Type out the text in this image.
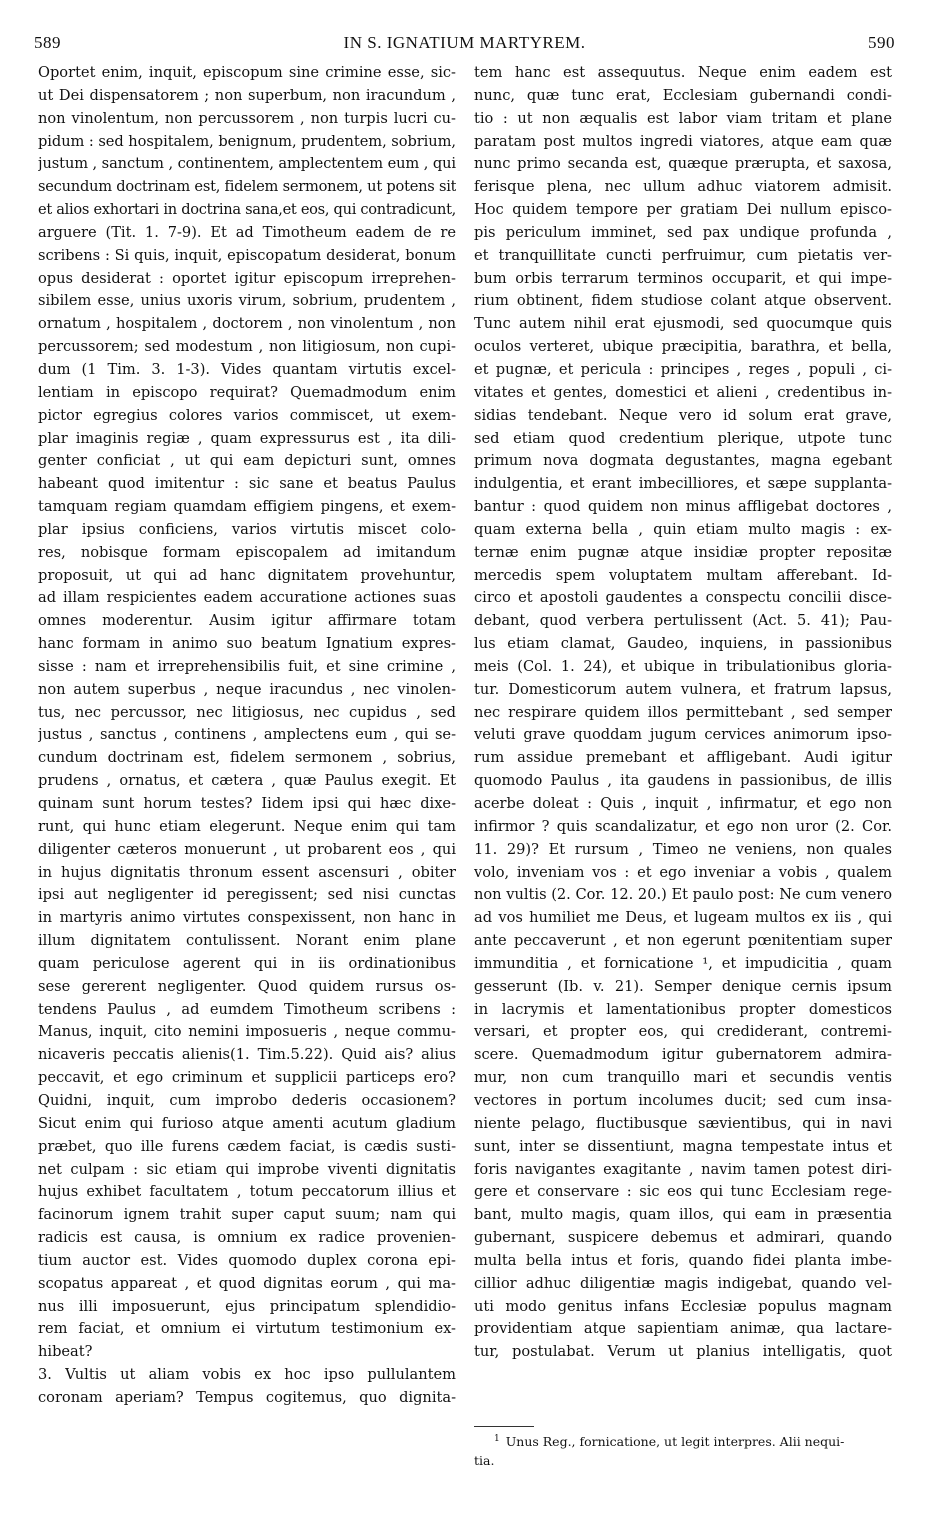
589	IN S. IGNATIUM MARTYREM.	590
Oportet enim, inquit, episcopum sine crimine esse, sic-
ut Dei dispensatorem ; non superbum, non iracundum ,
non vinolentum, non percussorem , non turpis lucri cu-
pidum : sed hospitalem, benignum, prudentem, sobrium,
justum , sanctum , continentem, amplectentem eum , qui
secundum doctrinam est, fidelem sermonem, ut potens sit
et alios exhortari in doctrina sana,et eos, qui contradicunt,
arguere (Tit. 1. 7-9). Et ad Timotheum eadem de re
scribens : Si quis, inquit, episcopatum desiderat, bonum
opus desiderat : oportet igitur episcopum irreprehen-
sibilem esse, unius uxoris virum, sobrium, prudentem ,
ornatum , hospitalem , doctorem , non vinolentum , non
percussorem; sed modestum , non litigiosum, non cupi-
dum (1 Tim. 3. 1-3). Vides quantam virtutis excel-
lentiam in episcopo requirat? Quemadmodum enim
pictor egregius colores varios commiscet, ut exem-
plar imaginis regiæ , quam expressurus est , ita dili-
genter conficiat , ut qui eam depicturi sunt, omnes
habeant quod imitentur : sic sane et beatus Paulus
tamquam regiam quamdam effigiem pingens, et exem-
plar ipsius conficiens, varios virtutis miscet colo-
res, nobisque formam episcopalem ad imitandum
proposuit, ut qui ad hanc dignitatem provehuntur,
ad illam respicientes eadem accuratione actiones suas
omnes moderentur. Ausim igitur affirmare totam
hanc formam in animo suo beatum Ignatium expres-
sisse : nam et irreprehensibilis fuit, et sine crimine ,
non autem superbus , neque iracundus , nec vinolen-
tus, nec percussor, nec litigiosus, nec cupidus , sed
justus , sanctus , continens , amplectens eum , qui se-
cundum doctrinam est, fidelem sermonem , sobrius,
prudens , ornatus, et cætera , quæ Paulus exegit. Et
quinam sunt horum testes? Iidem ipsi qui hæc dixe-
runt, qui hunc etiam elegerunt. Neque enim qui tam
diligenter cæteros monuerunt , ut probarent eos , qui
in hujus dignitatis thronum essent ascensuri , obiter
ipsi aut negligenter id peregissent; sed nisi cunctas
in martyris animo virtutes conspexissent, non hanc in
illum dignitatem contulissent. Norant enim plane
quam periculose agerent qui in iis ordinationibus
sese gererent negligenter. Quod quidem rursus os-
tendens Paulus , ad eumdem Timotheum scribens :
Manus, inquit, cito nemini imposueris , neque commu-
nicaveris peccatis alienis(1. Tim.5.22). Quid ais? alius
peccavit, et ego criminum et supplicii particeps ero?
Quidni, inquit, cum improbo dederis occasionem?
Sicut enim qui furioso atque amenti acutum gladium
præbet, quo ille furens cædem faciat, is cædis susti-
net culpam : sic etiam qui improbe viventi dignitatis
hujus exhibet facultatem , totum peccatorum illius et
facinorum ignem trahit super caput suum; nam qui
radicis est causa, is omnium ex radice provenien-
tium auctor est. Vides quomodo duplex corona epi-
scopatus appareat , et quod dignitas eorum , qui ma-
nus illi imposuerunt, ejus principatum splendidio-
rem faciat, et omnium ei virtutum testimonium ex-
hibeat?
3. Vultis ut aliam vobis ex hoc ipso pullulantem
coronam aperiam? Tempus cogitemus, quo dignita-
tem hanc est assequutus. Neque enim eadem est
nunc, quæ tunc erat, Ecclesiam gubernandi condi-
tio : ut non æqualis est labor viam tritam et plane
paratam post multos ingredi viatores, atque eam quæ
nunc primo secanda est, quæque prærupta, et saxosa,
ferisque plena, nec ullum adhuc viatorem admisit.
Hoc quidem tempore per gratiam Dei nullum episco-
pis periculum imminet, sed pax undique profunda ,
et tranquillitate cuncti perfruimur, cum pietatis ver-
bum orbis terrarum terminos occuparit, et qui impe-
rium obtinent, fidem studiose colant atque observent.
Tunc autem nihil erat ejusmodi, sed quocumque quis
oculos verteret, ubique præcipitia, barathra, et bella,
et pugnæ, et pericula : principes , reges , populi , ci-
vitates et gentes, domestici et alieni , credentibus in-
sidias tendebant. Neque vero id solum erat grave,
sed etiam quod credentium plerique, utpote tunc
primum nova dogmata degustantes, magna egebant
indulgentia, et erant imbecilliores, et sæpe supplanta-
bantur : quod quidem non minus affligebat doctores ,
quam externa bella , quin etiam multo magis : ex-
ternæ enim pugnæ atque insidiæ propter repositæ
mercedis spem voluptatem multam afferebant. Id-
circo et apostoli gaudentes a conspectu concilii disce-
debant, quod verbera pertulissent (Act. 5. 41); Pau-
lus etiam clamat, Gaudeo, inquiens, in passionibus
meis (Col. 1. 24), et ubique in tribulationibus gloria-
tur. Domesticorum autem vulnera, et fratrum lapsus,
nec respirare quidem illos permittebant , sed semper
veluti grave quoddam jugum cervices animorum ipso-
rum assidue premebant et affligebant. Audi igitur
quomodo Paulus , ita gaudens in passionibus, de illis
acerbe doleat : Quis , inquit , infirmatur, et ego non
infirmor ? quis scandalizatur, et ego non uror (2. Cor.
11. 29)? Et rursum , Timeo ne veniens, non quales
volo, inveniam vos : et ego inveniar a vobis , qualem
non vultis (2. Cor. 12. 20.) Et paulo post: Ne cum venero
ad vos humiliet me Deus, et lugeam multos ex iis , qui
ante peccaverunt , et non egerunt pœnitentiam super
immunditia , et fornicatione ¹, et impudicitia , quam
gesserunt (Ib. v. 21). Semper denique cernis ipsum
in lacrymis et lamentationibus propter domesticos
versari, et propter eos, qui crediderant, contremi-
scere. Quemadmodum igitur gubernatorem admira-
mur, non cum tranquillo mari et secundis ventis
vectores in portum incolumes ducit; sed cum insa-
niente pelago, fluctibusque sævientibus, qui in navi
sunt, inter se dissentiunt, magna tempestate intus et
foris navigantes exagitante , navim tamen potest diri-
gere et conservare : sic eos qui tunc Ecclesiam rege-
bant, multo magis, quam illos, qui eam in præsentia
gubernant, suspicere debemus et admirari, quando
multa bella intus et foris, quando fidei planta imbe-
cillior adhuc diligentiæ magis indigebat, quando vel-
uti modo genitus infans Ecclesiæ populus magnam
providentiam atque sapientiam animæ, qua lactare-
tur, postulabat. Verum ut planius intelligatis, quot
$^1$ Unus Reg., fornicatione, ut legit interpres. Alii nequi-
tia.
